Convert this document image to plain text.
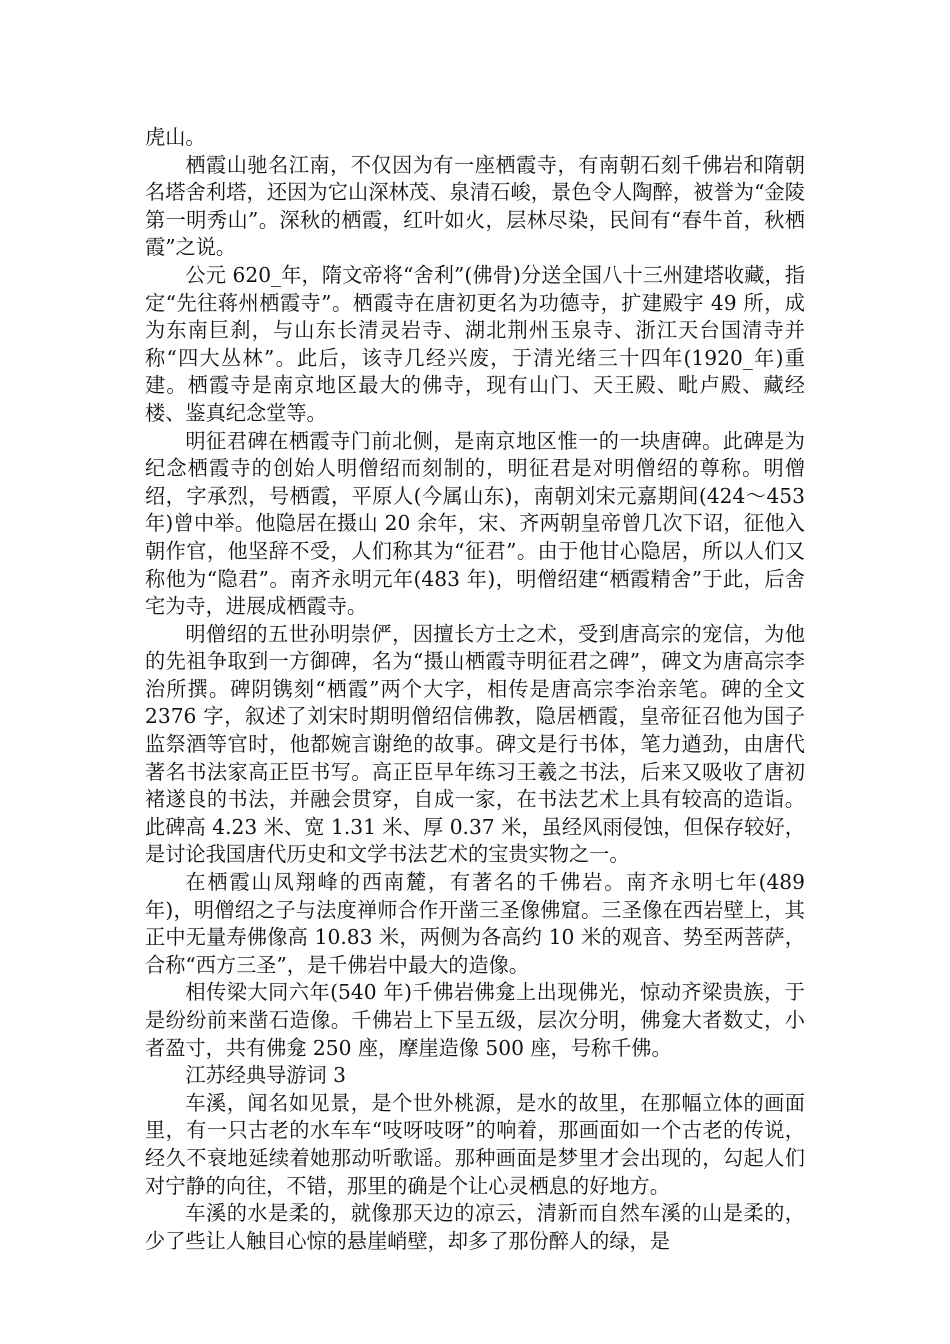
虎山。

栖霞山驰名江南，不仅因为有一座栖霞寺，有南朝石刻千佛岩和隋朝名塔舍利塔，还因为它山深林茂、泉清石峻，景色令人陶醉，被誉为“金陵第一明秀山”。深秋的栖霞，红叶如火，层林尽染，民间有“春牛首，秋栖霞”之说。

公元 620_年，隋文帝将“舍利”(佛骨)分送全国八十三州建塔收藏，指定“先往蒋州栖霞寺”。栖霞寺在唐初更名为功德寺，扩建殿宇 49 所，成为东南巨刹，与山东长清灵岩寺、湖北荆州玉泉寺、浙江天台国清寺并称“四大丛林”。此后，该寺几经兴废，于清光绪三十四年(1920_年)重建。栖霞寺是南京地区最大的佛寺，现有山门、天王殿、毗卢殿、藏经楼、鉴真纪念堂等。

明征君碑在栖霞寺门前北侧，是南京地区惟一的一块唐碑。此碑是为纪念栖霞寺的创始人明僧绍而刻制的，明征君是对明僧绍的尊称。明僧绍，字承烈，号栖霞，平原人(今属山东)，南朝刘宋元嘉期间(424～453 年)曾中举。他隐居在摄山 20 余年，宋、齐两朝皇帝曾几次下诏，征他入朝作官，他坚辞不受，人们称其为“征君”。由于他甘心隐居，所以人们又称他为“隐君”。南齐永明元年(483 年)，明僧绍建“栖霞精舍”于此，后舍宅为寺，进展成栖霞寺。

明僧绍的五世孙明崇俨，因擅长方士之术，受到唐高宗的宠信，为他的先祖争取到一方御碑，名为“摄山栖霞寺明征君之碑”，碑文为唐高宗李治所撰。碑阴镌刻“栖霞”两个大字，相传是唐高宗李治亲笔。碑的全文 2376 字，叙述了刘宋时期明僧绍信佛教，隐居栖霞，皇帝征召他为国子监祭酒等官时，他都婉言谢绝的故事。碑文是行书体，笔力遒劲，由唐代著名书法家高正臣书写。高正臣早年练习王羲之书法，后来又吸收了唐初褚遂良的书法，并融会贯穿，自成一家，在书法艺术上具有较高的造诣。此碑高 4.23 米、宽 1.31 米、厚 0.37 米，虽经风雨侵蚀，但保存较好，是讨论我国唐代历史和文学书法艺术的宝贵实物之一。

在栖霞山凤翔峰的西南麓，有著名的千佛岩。南齐永明七年(489 年)，明僧绍之子与法度禅师合作开凿三圣像佛窟。三圣像在西岩壁上，其正中无量寿佛像高 10.83 米，两侧为各高约 10 米的观音、势至两菩萨，合称“西方三圣”，是千佛岩中最大的造像。

相传梁大同六年(540 年)千佛岩佛龛上出现佛光，惊动齐梁贵族，于是纷纷前来凿石造像。千佛岩上下呈五级，层次分明，佛龛大者数丈，小者盈寸，共有佛龛 250 座，摩崖造像 500 座，号称千佛。

江苏经典导游词 3

车溪，闻名如见景，是个世外桃源，是水的故里，在那幅立体的画面里，有一只古老的水车车“吱呀吱呀”的响着，那画面如一个古老的传说，经久不衰地延续着她那动听歌谣。那种画面是梦里才会出现的，勾起人们对宁静的向往，不错，那里的确是个让心灵栖息的好地方。

车溪的水是柔的，就像那天边的凉云，清新而自然车溪的山是柔的，少了些让人触目心惊的悬崖峭壁，却多了那份醉人的绿，是
